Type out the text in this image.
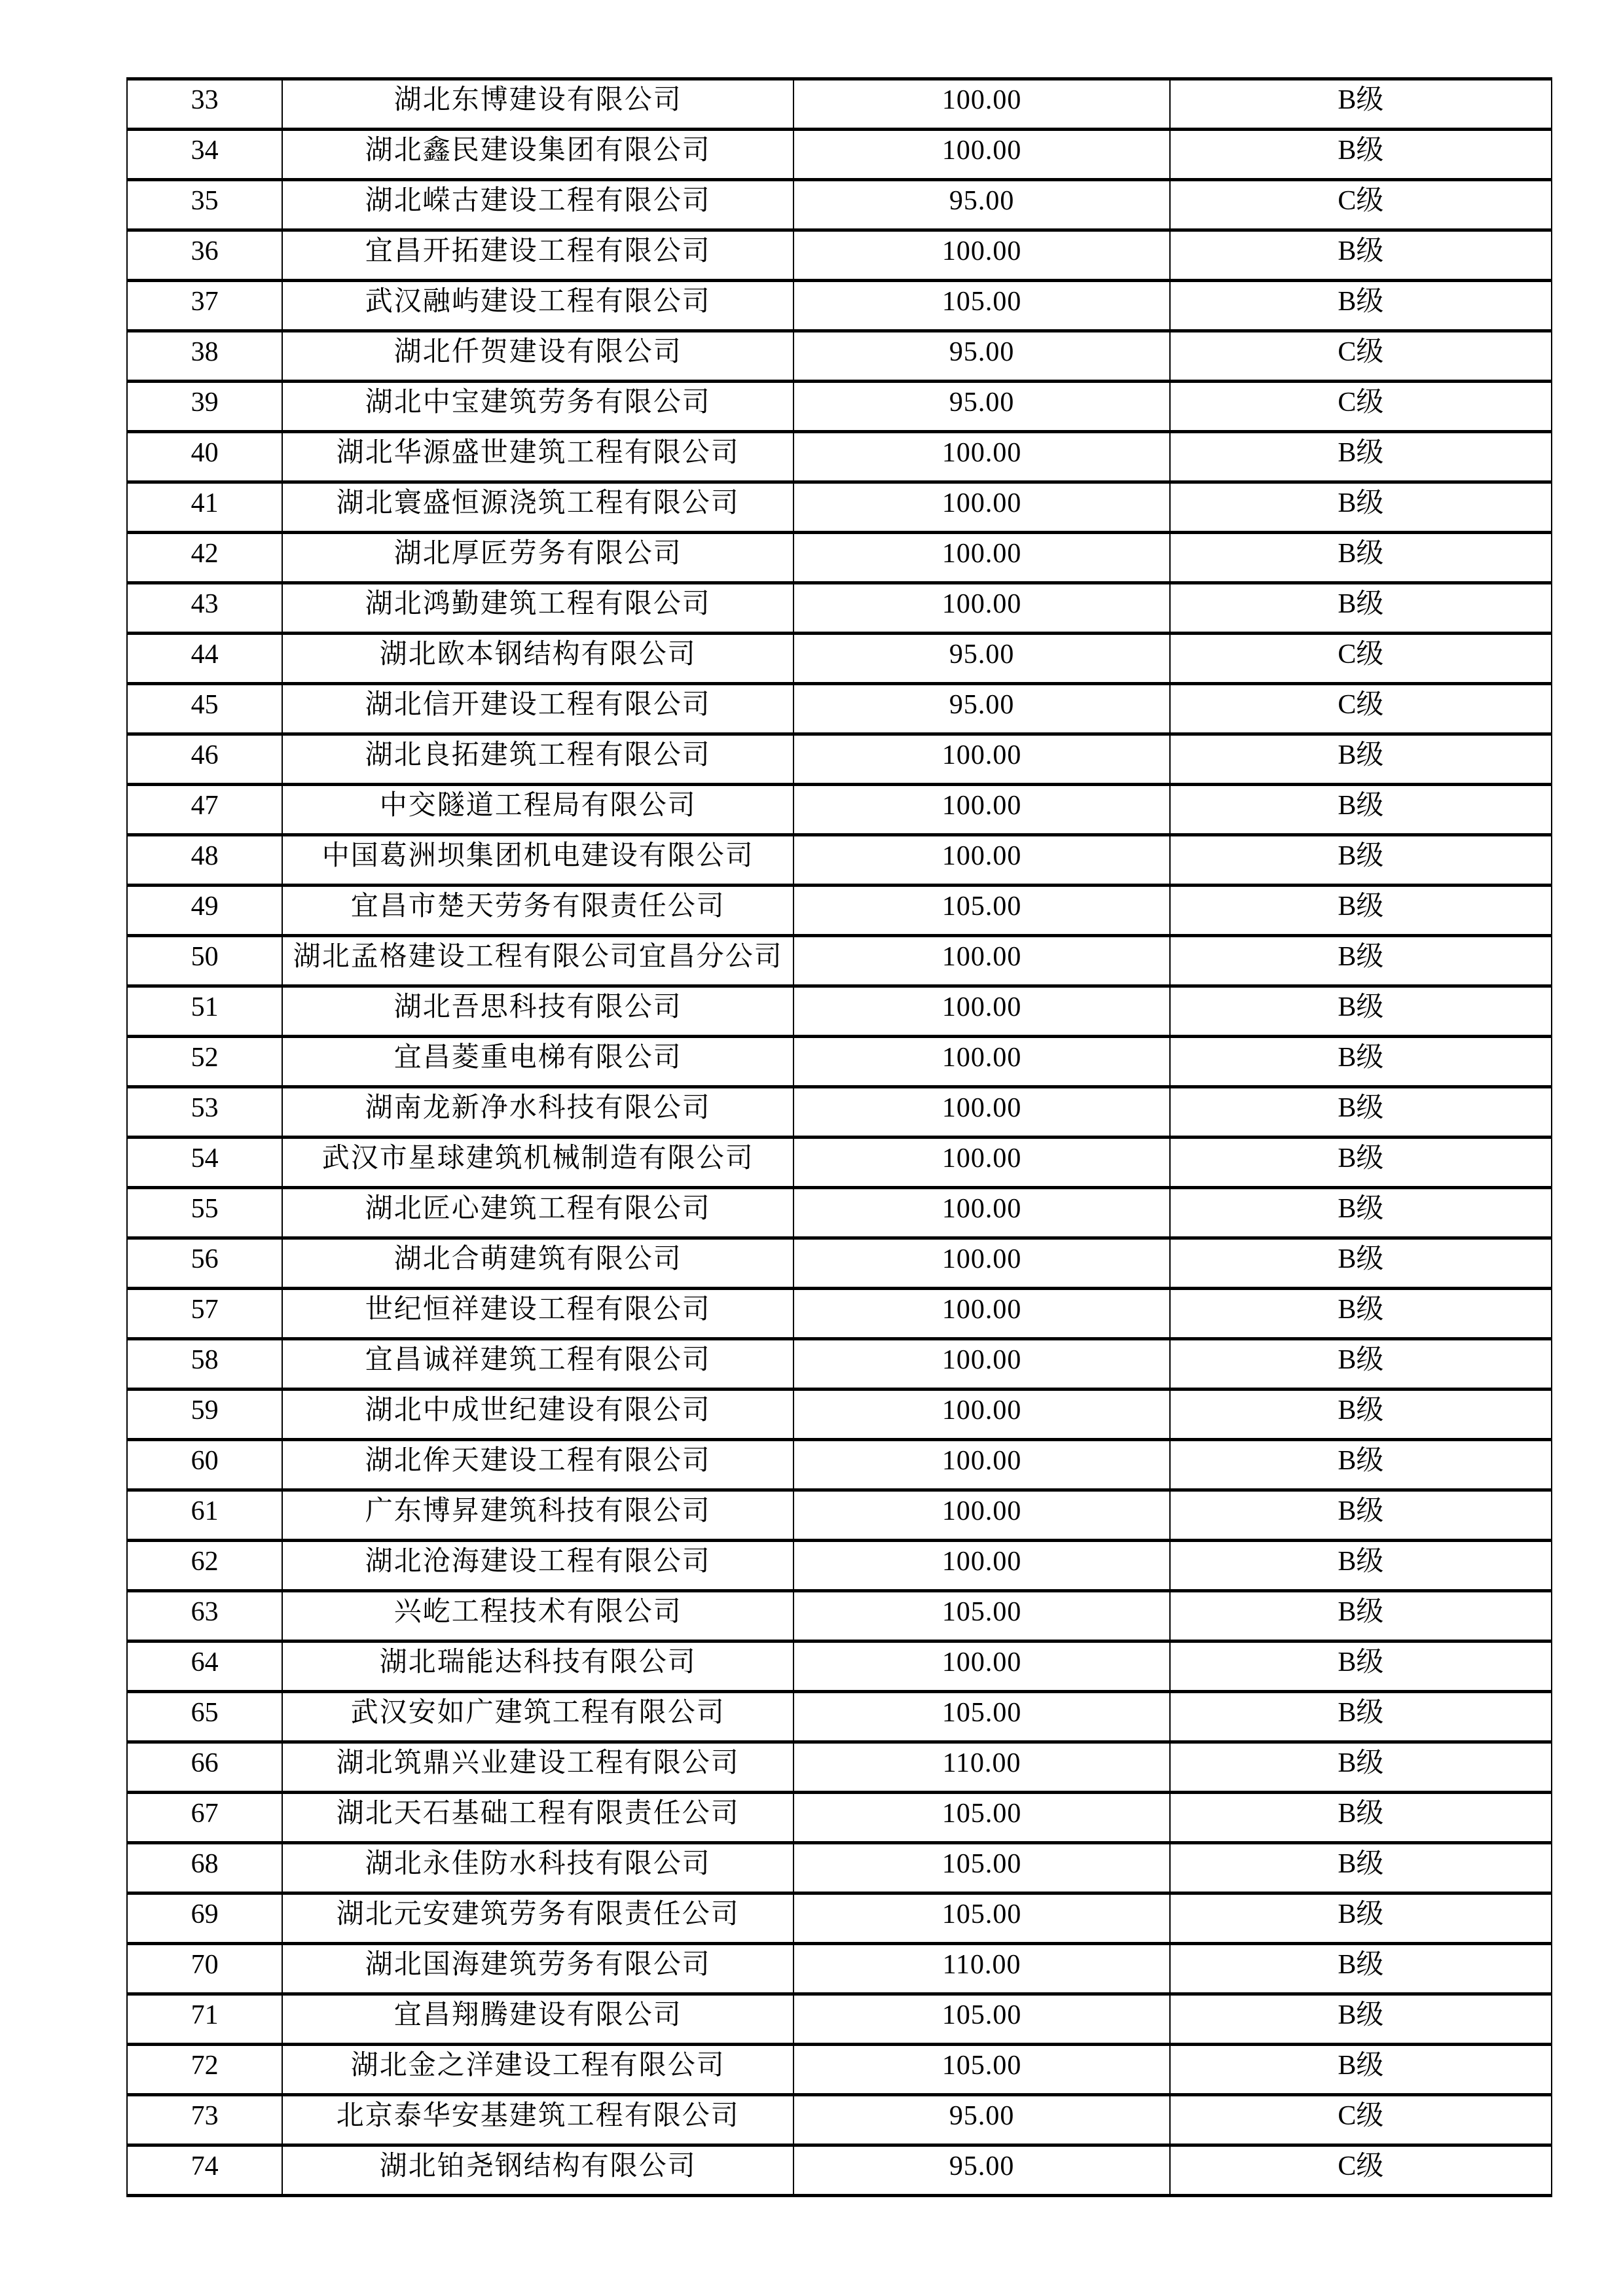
33	湖北东博建设有限公司	100.00	B级
34	湖北鑫民建设集团有限公司	100.00	B级
35	湖北嵘古建设工程有限公司	95.00	C级
36	宜昌开拓建设工程有限公司	100.00	B级
37	武汉融屿建设工程有限公司	105.00	B级
38	湖北仟贺建设有限公司	95.00	C级
39	湖北中宝建筑劳务有限公司	95.00	C级
40	湖北华源盛世建筑工程有限公司	100.00	B级
41	湖北寰盛恒源浇筑工程有限公司	100.00	B级
42	湖北厚匠劳务有限公司	100.00	B级
43	湖北鸿勤建筑工程有限公司	100.00	B级
44	湖北欧本钢结构有限公司	95.00	C级
45	湖北信开建设工程有限公司	95.00	C级
46	湖北良拓建筑工程有限公司	100.00	B级
47	中交隧道工程局有限公司	100.00	B级
48	中国葛洲坝集团机电建设有限公司	100.00	B级
49	宜昌市楚天劳务有限责任公司	105.00	B级
50	湖北孟格建设工程有限公司宜昌分公司	100.00	B级
51	湖北吾思科技有限公司	100.00	B级
52	宜昌菱重电梯有限公司	100.00	B级
53	湖南龙新净水科技有限公司	100.00	B级
54	武汉市星球建筑机械制造有限公司	100.00	B级
55	湖北匠心建筑工程有限公司	100.00	B级
56	湖北合萌建筑有限公司	100.00	B级
57	世纪恒祥建设工程有限公司	100.00	B级
58	宜昌诚祥建筑工程有限公司	100.00	B级
59	湖北中成世纪建设有限公司	100.00	B级
60	湖北侔天建设工程有限公司	100.00	B级
61	广东博昇建筑科技有限公司	100.00	B级
62	湖北沧海建设工程有限公司	100.00	B级
63	兴屹工程技术有限公司	105.00	B级
64	湖北瑞能达科技有限公司	100.00	B级
65	武汉安如广建筑工程有限公司	105.00	B级
66	湖北筑鼎兴业建设工程有限公司	110.00	B级
67	湖北天石基础工程有限责任公司	105.00	B级
68	湖北永佳防水科技有限公司	105.00	B级
69	湖北元安建筑劳务有限责任公司	105.00	B级
70	湖北国海建筑劳务有限公司	110.00	B级
71	宜昌翔腾建设有限公司	105.00	B级
72	湖北金之洋建设工程有限公司	105.00	B级
73	北京泰华安基建筑工程有限公司	95.00	C级
74	湖北铂尧钢结构有限公司	95.00	C级
